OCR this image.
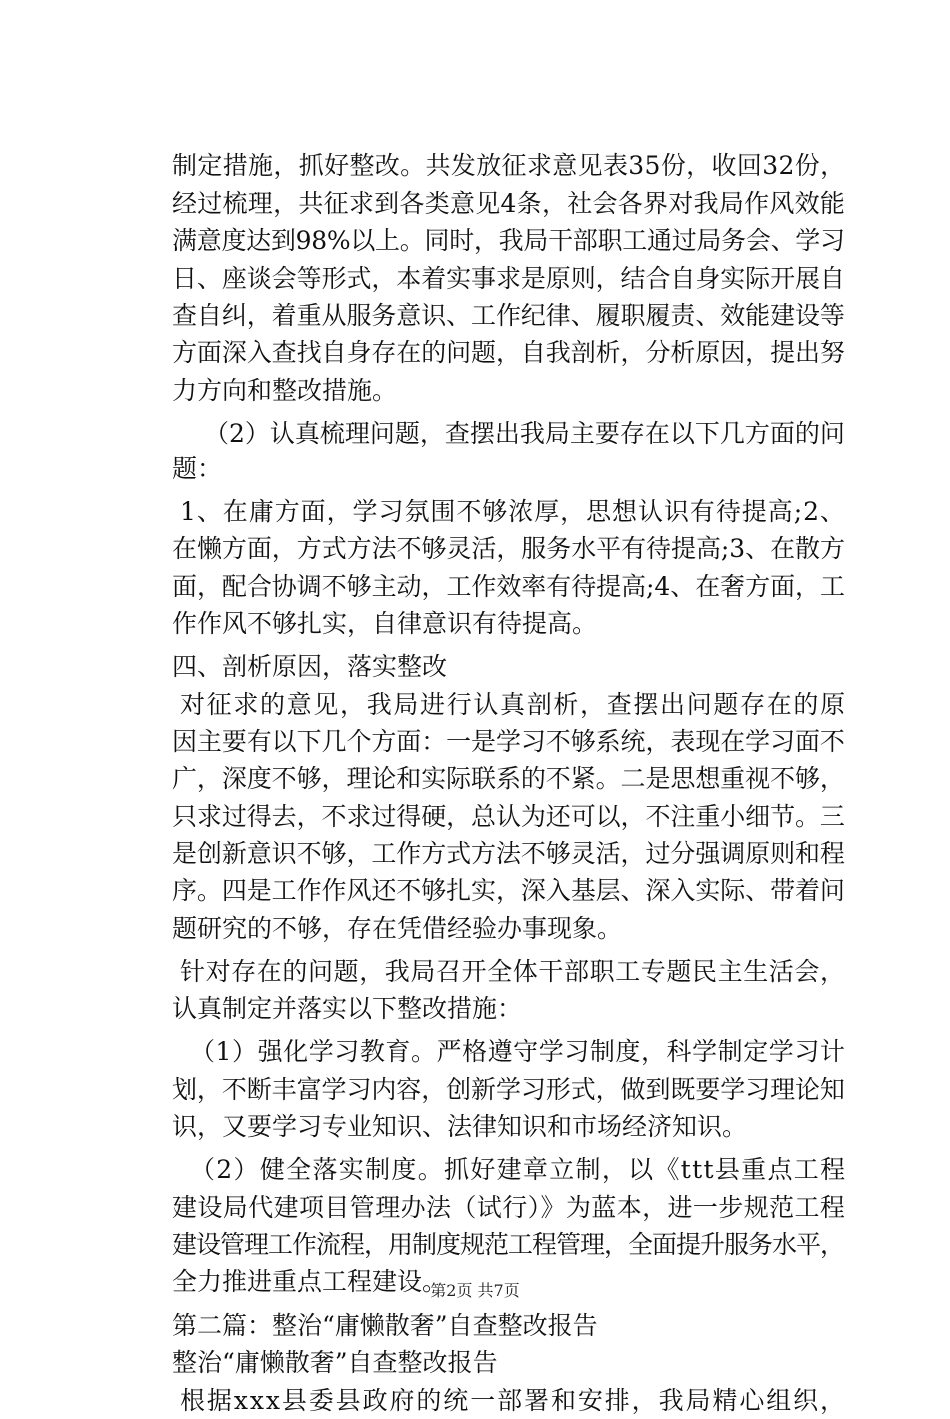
制定措施，抓好整改。共发放征求意见表35份，收回32份，
经过梳理，共征求到各类意见4条，社会各界对我局作风效能
满意度达到98%以上。同时，我局干部职工通过局务会、学习
日、座谈会等形式，本着实事求是原则，结合自身实际开展自
查自纠，着重从服务意识、工作纪律、履职履责、效能建设等
方面深入查找自身存在的问题，自我剖析，分析原因，提出努
力方向和整改措施。
（2）认真梳理问题，查摆出我局主要存在以下几方面的问
题：
1、在庸方面，学习氛围不够浓厚，思想认识有待提高;2、
在懒方面，方式方法不够灵活，服务水平有待提高;3、在散方
面，配合协调不够主动，工作效率有待提高;4、在奢方面，工
作作风不够扎实，自律意识有待提高。
四、剖析原因，落实整改
对征求的意见，我局进行认真剖析，查摆出问题存在的原
因主要有以下几个方面：一是学习不够系统，表现在学习面不
广，深度不够，理论和实际联系的不紧。二是思想重视不够，
只求过得去，不求过得硬，总认为还可以，不注重小细节。三
是创新意识不够，工作方式方法不够灵活，过分强调原则和程
序。四是工作作风还不够扎实，深入基层、深入实际、带着问
题研究的不够，存在凭借经验办事现象。
针对存在的问题，我局召开全体干部职工专题民主生活会，
认真制定并落实以下整改措施：
（1）强化学习教育。严格遵守学习制度，科学制定学习计
划，不断丰富学习内容，创新学习形式，做到既要学习理论知
识，又要学习专业知识、法律知识和市场经济知识。
（2）健全落实制度。抓好建章立制，以《ttt县重点工程
建设局代建项目管理办法（试行）》为蓝本，进一步规范工程
建设管理工作流程，用制度规范工程管理，全面提升服务水平，
全力推进重点工程建设。
第二篇：整治“庸懒散奢”自查整改报告
整治“庸懒散奢”自查整改报告
根据xxx县委县政府的统一部署和安排，我局精心组织，
第2页 共7页
